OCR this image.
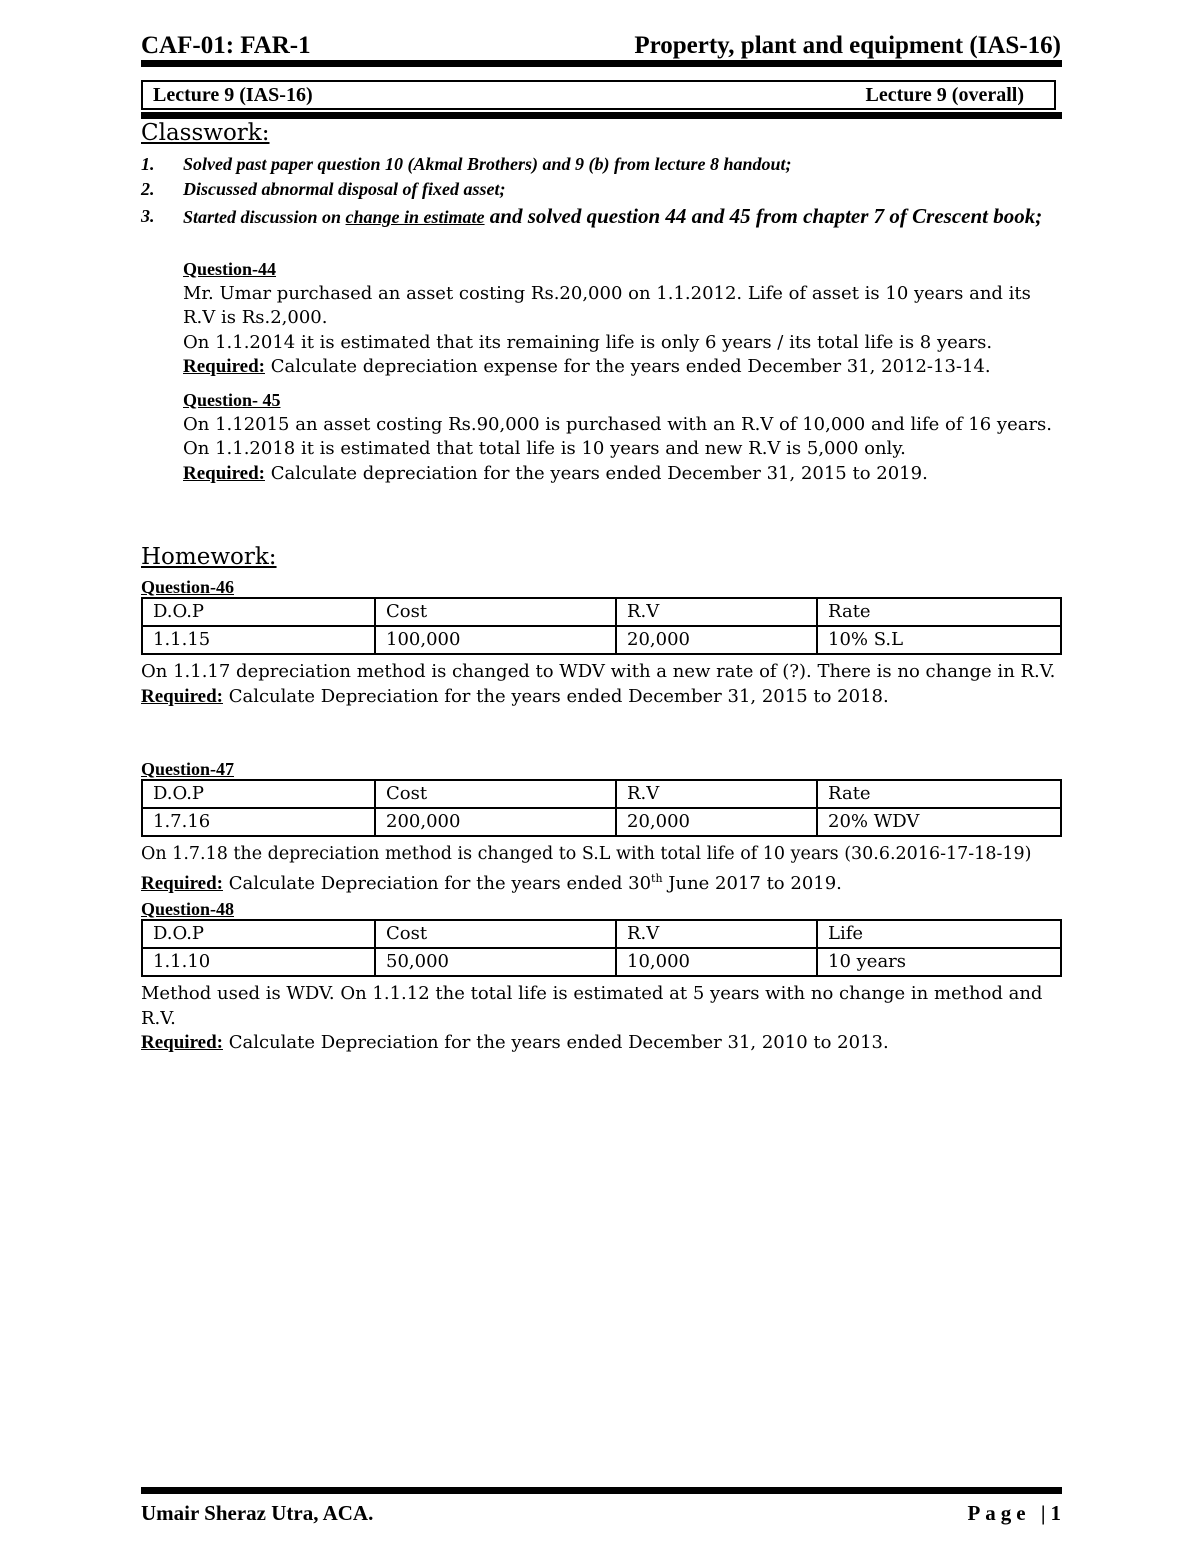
CAF-01: FAR-1	Property, plant and equipment (IAS-16)
Lecture 9 (IAS-16)	Lecture 9 (overall)
Classwork:
1. Solved past paper question 10 (Akmal Brothers) and 9 (b) from lecture 8 handout;
2. Discussed abnormal disposal of fixed asset;
3. Started discussion on change in estimate and solved question 44 and 45 from chapter 7 of Crescent book;
Question-44

Mr. Umar purchased an asset costing Rs.20,000 on 1.1.2012. Life of asset is 10 years and its R.V is Rs.2,000.

On 1.1.2014 it is estimated that its remaining life is only 6 years / its total life is 8 years.

Required: Calculate depreciation expense for the years ended December 31, 2012-13-14.

Question- 45

On 1.12015 an asset costing Rs.90,000 is purchased with an R.V of 10,000 and life of 16 years.

On 1.1.2018 it is estimated that total life is 10 years and new R.V is 5,000 only.

Required: Calculate depreciation for the years ended December 31, 2015 to 2019.

Homework:
Question-46
D.O.P	Cost	R.V	Rate
1.1.15	100,000	20,000	10% S.L

On 1.1.17 depreciation method is changed to WDV with a new rate of (?). There is no change in R.V.

Required: Calculate Depreciation for the years ended December 31, 2015 to 2018.

Question-47
D.O.P	Cost	R.V	Rate
1.7.16	200,000	20,000	20% WDV

On 1.7.18 the depreciation method is changed to S.L with total life of 10 years (30.6.2016-17-18-19)

Required: Calculate Depreciation for the years ended 30th June 2017 to 2019.

Question-48
D.O.P	Cost	R.V	Life
1.1.10	50,000	10,000	10 years

Method used is WDV. On 1.1.12 the total life is estimated at 5 years with no change in method and R.V.

Required: Calculate Depreciation for the years ended December 31, 2010 to 2013.

Umair Sheraz Utra, ACA.	Page |1
